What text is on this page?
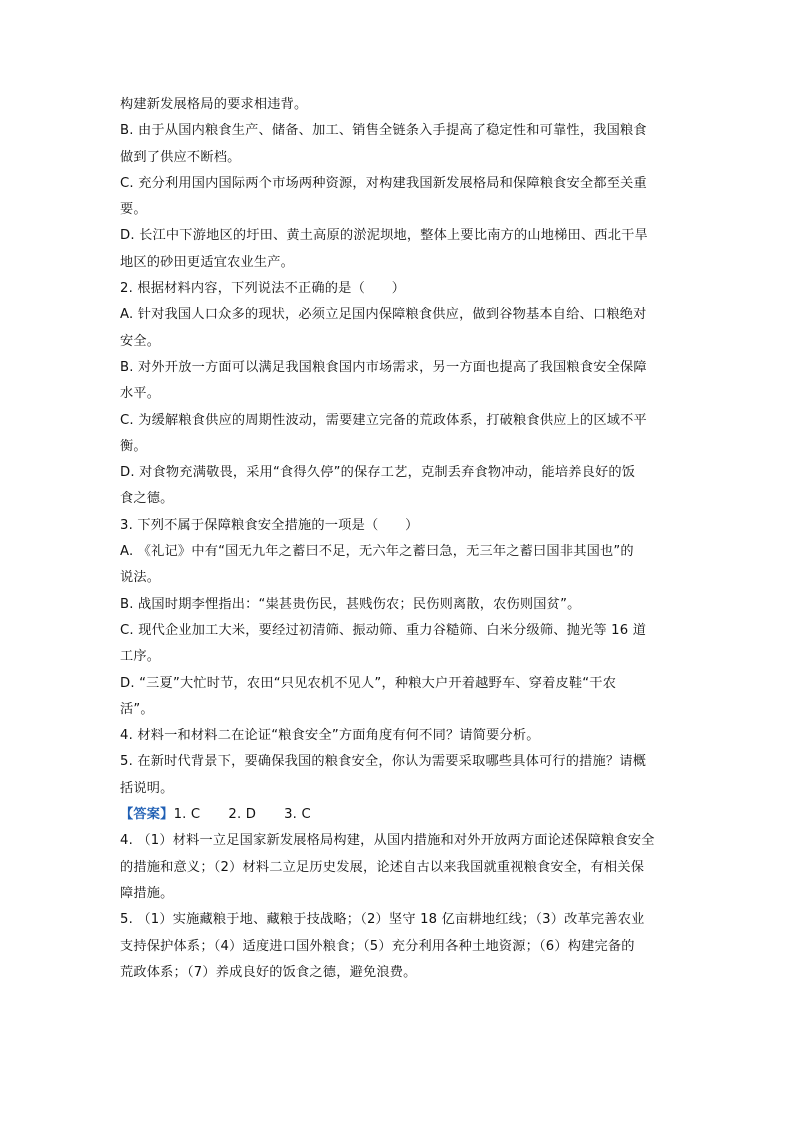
构建新发展格局的要求相违背。
B. 由于从国内粮食生产、储备、加工、销售全链条入手提高了稳定性和可靠性，我国粮食
做到了供应不断档。
C. 充分利用国内国际两个市场两种资源，对构建我国新发展格局和保障粮食安全都至关重
要。
D. 长江中下游地区的圩田、黄土高原的淤泥坝地，整体上要比南方的山地梯田、西北干旱
地区的砂田更适宜农业生产。
2. 根据材料内容，下列说法不正确的是（　　）
A. 针对我国人口众多的现状，必须立足国内保障粮食供应，做到谷物基本自给、口粮绝对
安全。
B. 对外开放一方面可以满足我国粮食国内市场需求，另一方面也提高了我国粮食安全保障
水平。
C. 为缓解粮食供应的周期性波动，需要建立完备的荒政体系，打破粮食供应上的区域不平
衡。
D. 对食物充满敬畏，采用“食得久停”的保存工艺，克制丢弃食物冲动，能培养良好的饭
食之德。
3. 下列不属于保障粮食安全措施的一项是（　　）
A. 《礼记》中有“国无九年之蓄曰不足，无六年之蓄曰急，无三年之蓄曰国非其国也”的
说法。
B. 战国时期李悝指出：“粜甚贵伤民，甚贱伤农；民伤则离散，农伤则国贫”。
C. 现代企业加工大米，要经过初清筛、振动筛、重力谷糙筛、白米分级筛、抛光等 16 道
工序。
D. “三夏”大忙时节，农田“只见农机不见人”，种粮大户开着越野车、穿着皮鞋“干农
活”。
4. 材料一和材料二在论证“粮食安全”方面角度有何不同？请简要分析。
5. 在新时代背景下，要确保我国的粮食安全，你认为需要采取哪些具体可行的措施？请概
括说明。
【答案】1. C 2. D 3. C
4. （1）材料一立足国家新发展格局构建，从国内措施和对外开放两方面论述保障粮食安全
的措施和意义；（2）材料二立足历史发展，论述自古以来我国就重视粮食安全，有相关保
障措施。
5. （1）实施藏粮于地、藏粮于技战略；（2）坚守 18 亿亩耕地红线；（3）改革完善农业
支持保护体系；（4）适度进口国外粮食；（5）充分利用各种土地资源；（6）构建完备的
荒政体系；（7）养成良好的饭食之德，避免浪费。
